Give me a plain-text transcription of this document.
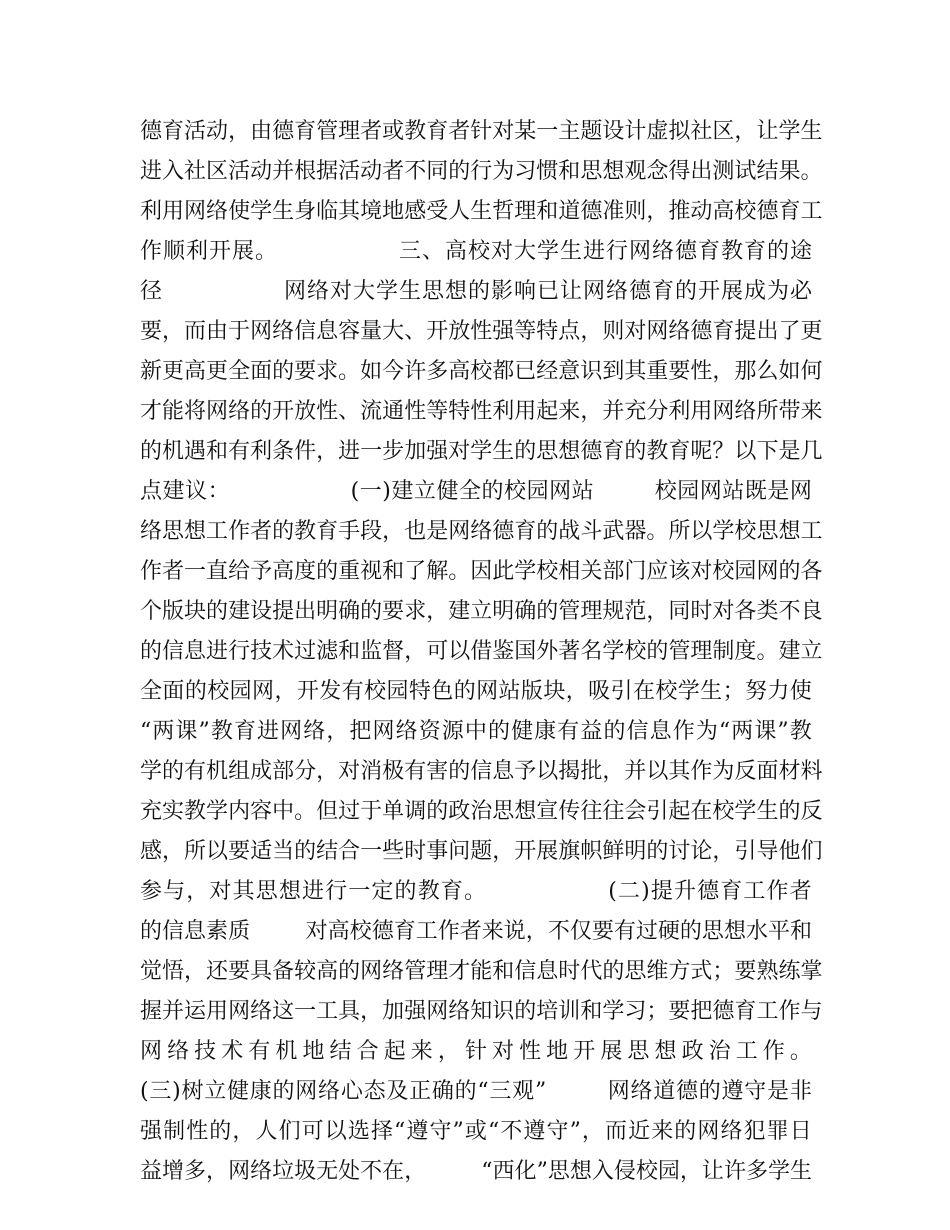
德 育 活 动 ， 由 德 育 管 理 者 或 教 育 者 针 对 某 一 主 题 设 计 虚 拟 社 区 ， 让 学 生
进 入 社 区 活 动 并 根 据 活 动 者 不 同 的 行 为 习 惯 和 思 想 观 念 得 出 测 试 结 果 。
利 用 网 络 使 学 生 身 临 其 境 地 感 受 人 生 哲 理 和 道 德 准 则 ， 推 动 高 校 德 育 工
作 顺 利 开 展 。	三 、 高 校 对 大 学 生 进 行 网 络 德 育 教 育 的 途
径	网 络 对 大 学 生 思 想 的 影 响 已 让 网 络 德 育 的 开 展 成 为 必
要 ， 而 由 于 网 络 信 息 容 量 大 、 开 放 性 强 等 特 点 ， 则 对 网 络 德 育 提 出 了 更
新 更 高 更 全 面 的 要 求 。 如 今 许 多 高 校 都 已 经 意 识 到 其 重 要 性 ， 那 么 如 何
才 能 将 网 络 的 开 放 性 、 流 通 性 等 特 性 利 用 起 来 ， 并 充 分 利 用 网 络 所 带 来
的 机 遇 和 有 利 条 件 ， 进 一 步 加 强 对 学 生 的 思 想 德 育 的 教 育 呢 ？ 以 下 是 几
点 建 议 ：	( 一 ) 建 立 健 全 的 校 园 网 站	校 园 网 站 既 是 网
络 思 想 工 作 者 的 教 育 手 段 ， 也 是 网 络 德 育 的 战 斗 武 器 。 所 以 学 校 思 想 工
作 者 一 直 给 予 高 度 的 重 视 和 了 解 。 因 此 学 校 相 关 部 门 应 该 对 校 园 网 的 各
个 版 块 的 建 设 提 出 明 确 的 要 求 ， 建 立 明 确 的 管 理 规 范 ， 同 时 对 各 类 不 良
的 信 息 进 行 技 术 过 滤 和 监 督 ， 可 以 借 鉴 国 外 著 名 学 校 的 管 理 制 度 。 建 立
全 面 的 校 园 网 ， 开 发 有 校 园 特 色 的 网 站 版 块 ， 吸 引 在 校 学 生 ； 努 力 使
“ 两 课 ” 教 育 进 网 络 ， 把 网 络 资 源 中 的 健 康 有 益 的 信 息 作 为 “ 两 课 ” 教
学 的 有 机 组 成 部 分 ， 对 消 极 有 害 的 信 息 予 以 揭 批 ， 并 以 其 作 为 反 面 材 料
充 实 教 学 内 容 中 。 但 过 于 单 调 的 政 治 思 想 宣 传 往 往 会 引 起 在 校 学 生 的 反
感 ， 所 以 要 适 当 的 结 合 一 些 时 事 问 题 ， 开 展 旗 帜 鲜 明 的 讨 论 ， 引 导 他 们
参 与 ， 对 其 思 想 进 行 一 定 的 教 育 。	( 二 ) 提 升 德 育 工 作 者
的 信 息 素 质	对 高 校 德 育 工 作 者 来 说 ， 不 仅 要 有 过 硬 的 思 想 水 平 和
觉 悟 ， 还 要 具 备 较 高 的 网 络 管 理 才 能 和 信 息 时 代 的 思 维 方 式 ； 要 熟 练 掌
握 并 运 用 网 络 这 一 工 具 ， 加 强 网 络 知 识 的 培 训 和 学 习 ； 要 把 德 育 工 作 与
网 络 技 术 有 机 地 结 合 起 来 ， 针 对 性 地 开 展 思 想 政 治 工 作 。
( 三 ) 树 立 健 康 的 网 络 心 态 及 正 确 的 “ 三 观 ”	网 络 道 德 的 遵 守 是 非
强 制 性 的 ， 人 们 可 以 选 择 “ 遵 守 ” 或 “ 不 遵 守 ” ， 而 近 来 的 网 络 犯 罪 日
益 增 多 ， 网 络 垃 圾 无 处 不 在 ，	“ 西 化 ” 思 想 入 侵 校 园 ， 让 许 多 学 生
